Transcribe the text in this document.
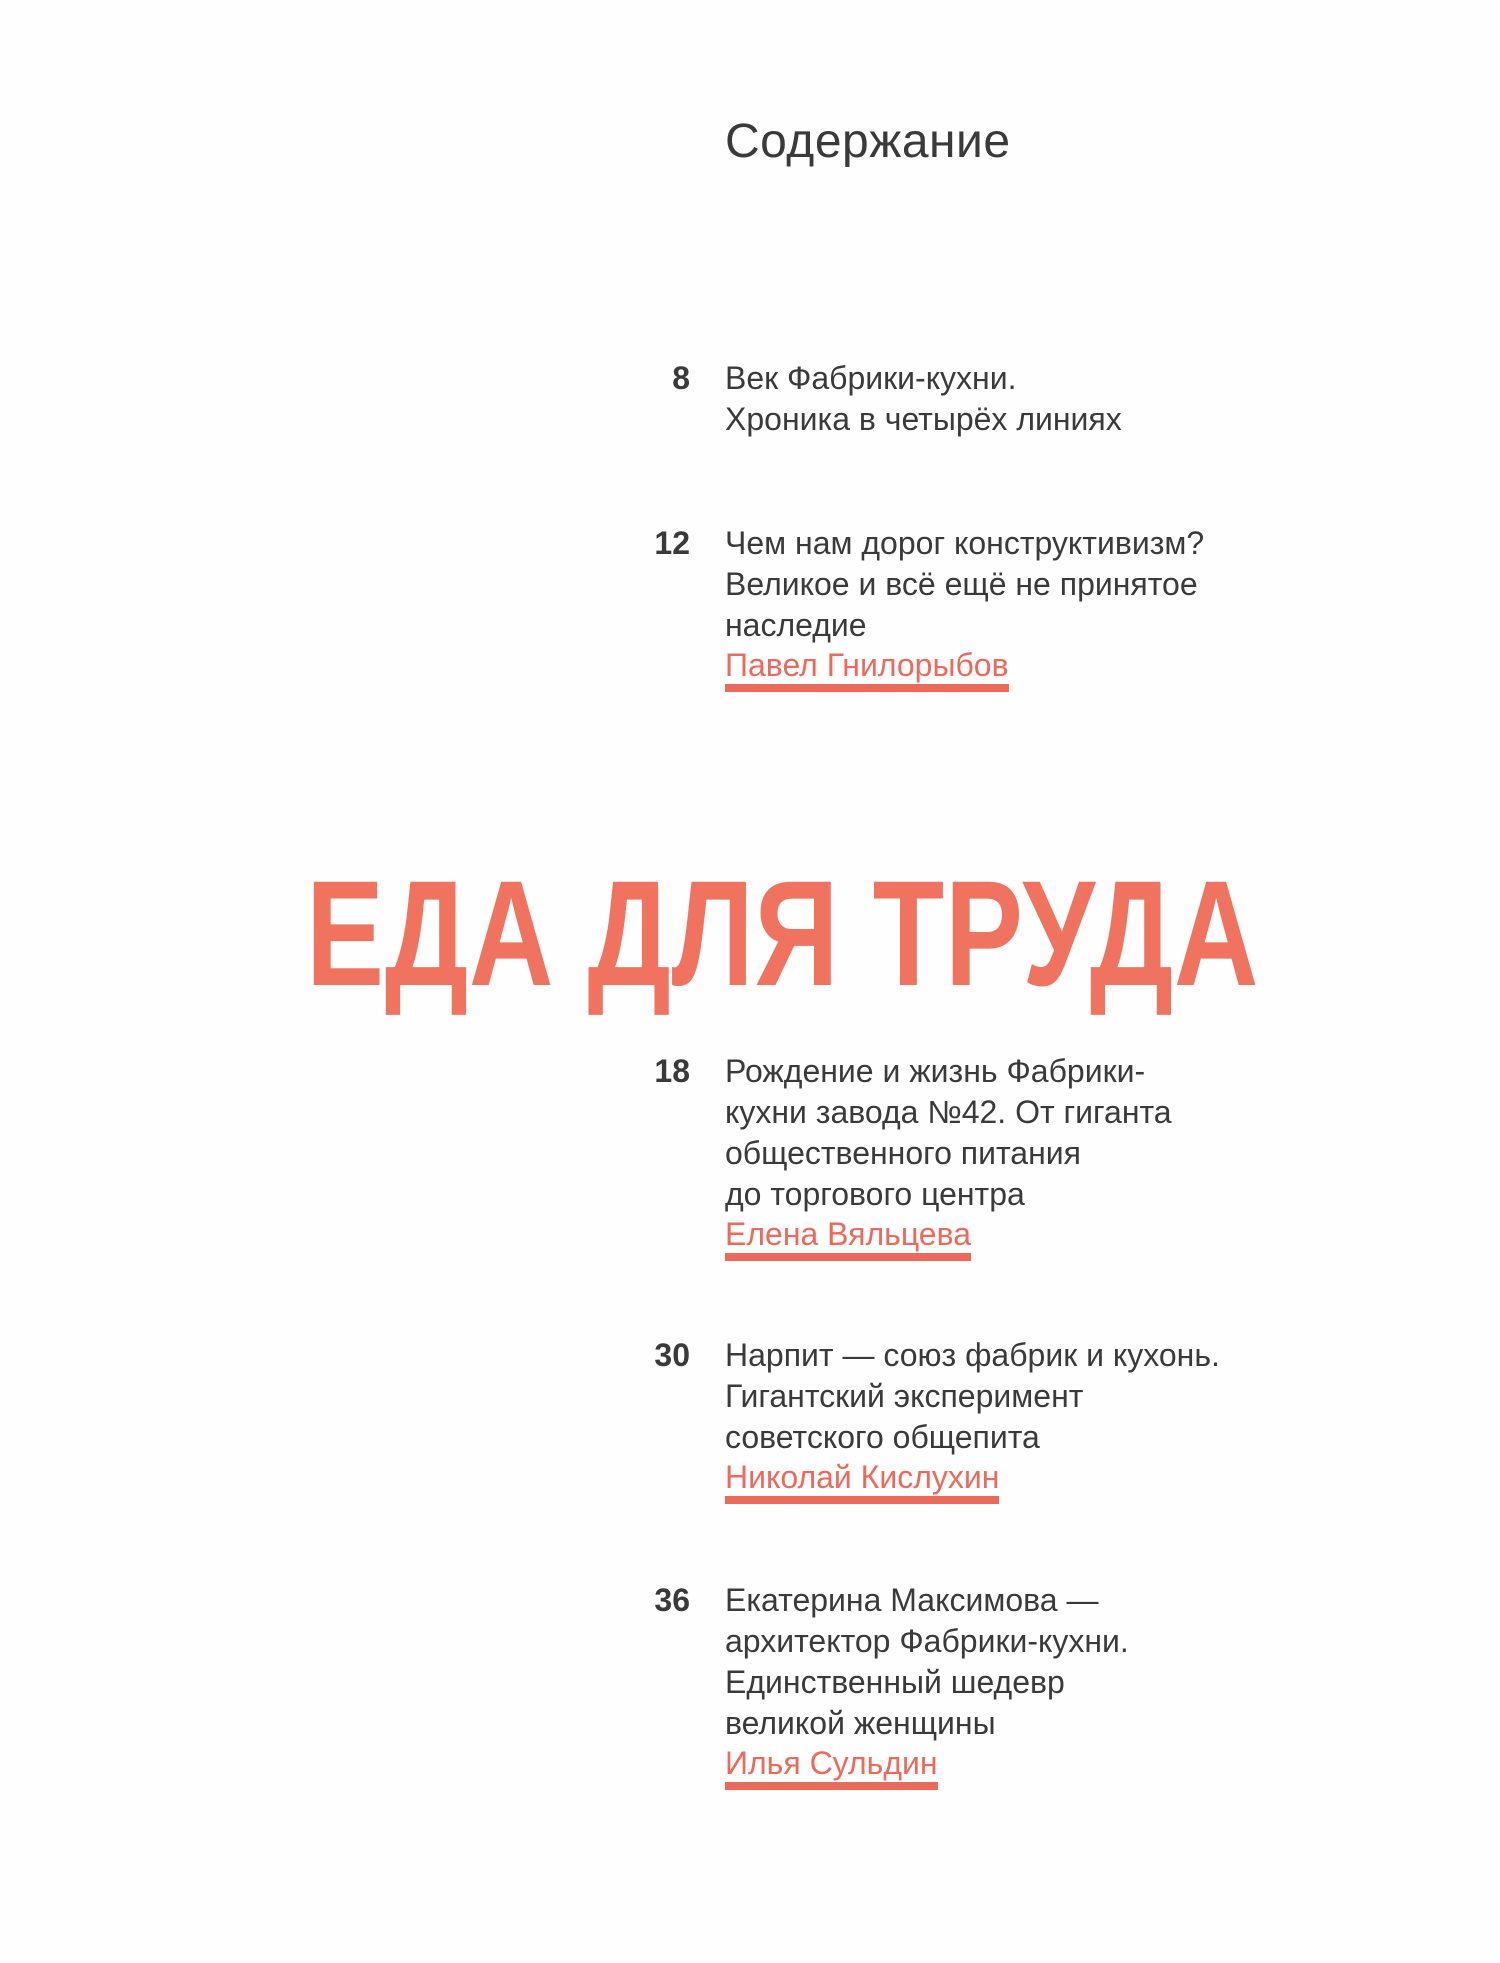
Содержание
8 Век Фабрики-кухни.
Хроника в четырёх линиях
12 Чем нам дорог конструктивизм?
Великое и всё ещё не принятое
наследие
Павел Гнилорыбов
ЕДА ДЛЯ ТРУДА
18 Рождение и жизнь Фабрики-
кухни завода №42. От гиганта
общественного питания
до торгового центра
Елена Вяльцева
30 Нарпит — союз фабрик и кухонь.
Гигантский эксперимент
советского общепита
Николай Кислухин
36 Екатерина Максимова —
архитектор Фабрики-кухни.
Единственный шедевр
великой женщины
Илья Сульдин
